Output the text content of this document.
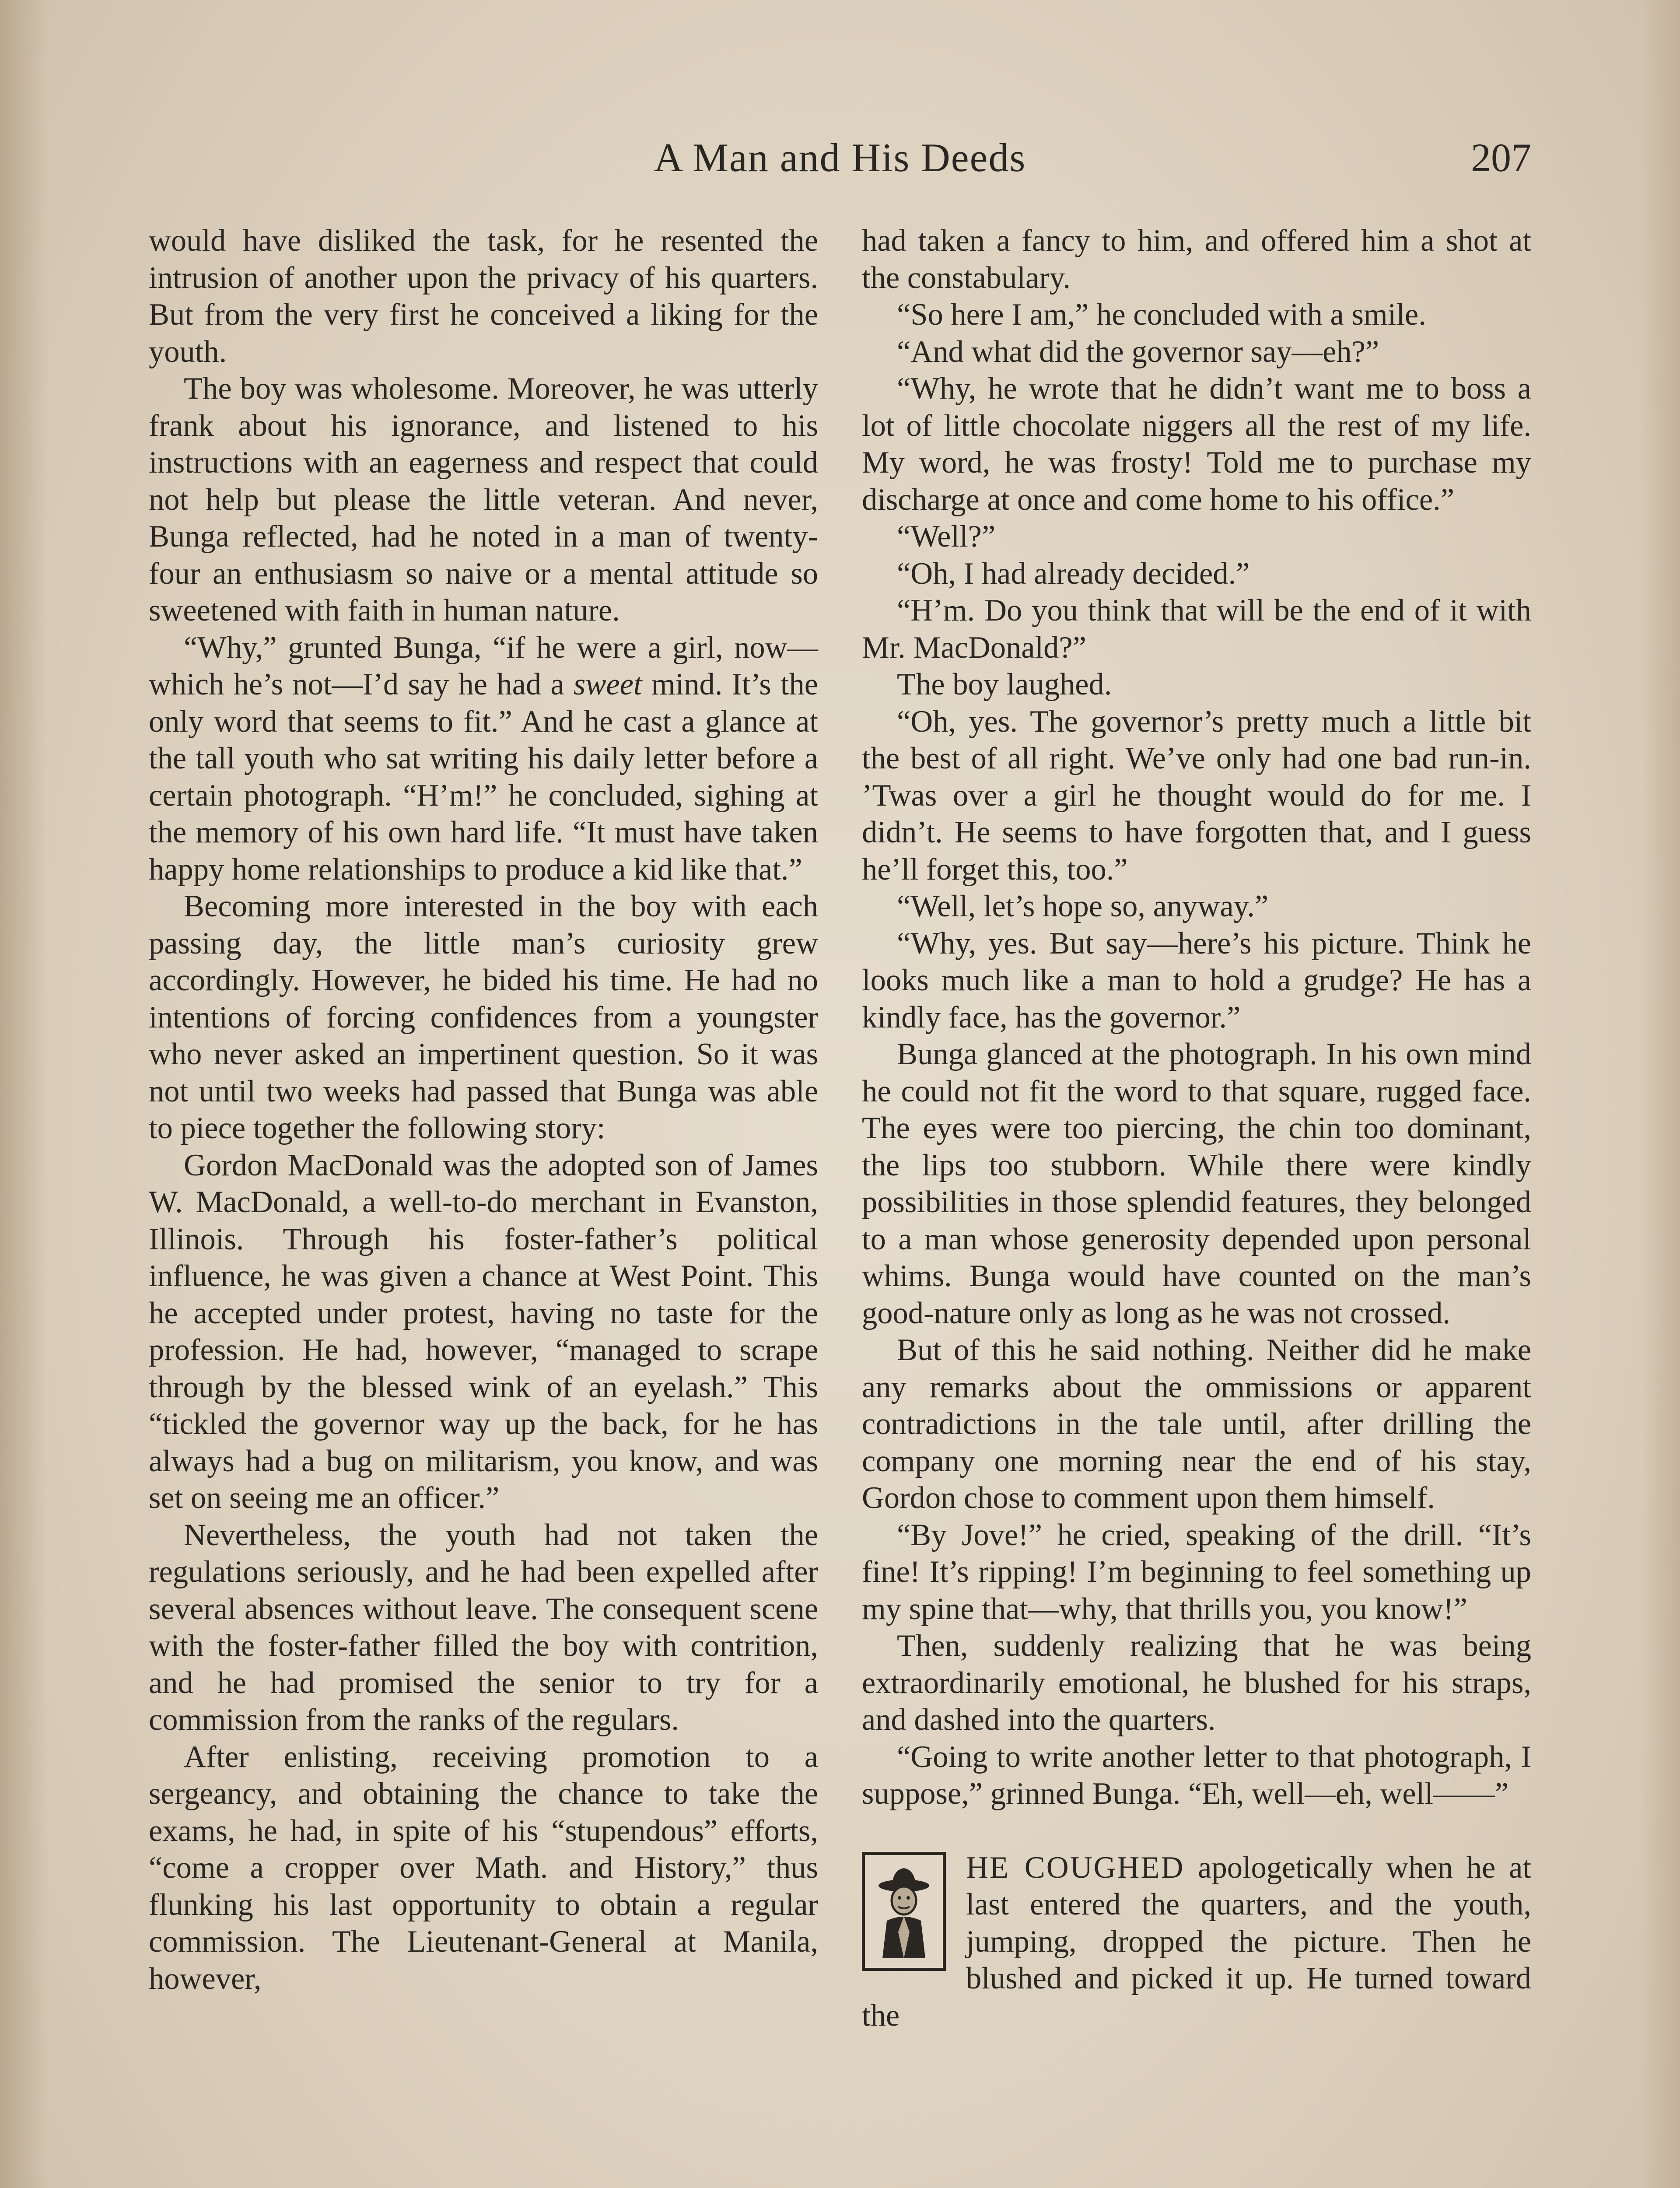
A Man and His Deeds	207

would have disliked the task, for he resented the intrusion of another upon the privacy of his quarters. But from the very first he conceived a liking for the youth.

The boy was wholesome. Moreover, he was utterly frank about his ignorance, and listened to his instructions with an eagerness and respect that could not help but please the little veteran. And never, Bunga reflected, had he noted in a man of twenty-four an enthusiasm so naive or a mental attitude so sweetened with faith in human nature.

“Why,” grunted Bunga, “if he were a girl, now—which he’s not—I’d say he had a sweet mind. It’s the only word that seems to fit.” And he cast a glance at the tall youth who sat writing his daily letter before a certain photograph. “H’m!” he concluded, sighing at the memory of his own hard life. “It must have taken happy home relationships to produce a kid like that.”

Becoming more interested in the boy with each passing day, the little man’s curiosity grew accordingly. However, he bided his time. He had no intentions of forcing confidences from a youngster who never asked an impertinent question. So it was not until two weeks had passed that Bunga was able to piece together the following story:

Gordon MacDonald was the adopted son of James W. MacDonald, a well-to-do merchant in Evanston, Illinois. Through his foster-father’s political influence, he was given a chance at West Point. This he accepted under protest, having no taste for the profession. He had, however, “managed to scrape through by the blessed wink of an eyelash.” This “tickled the governor way up the back, for he has always had a bug on militarism, you know, and was set on seeing me an officer.”

Nevertheless, the youth had not taken the regulations seriously, and he had been expelled after several absences without leave. The consequent scene with the foster-father filled the boy with contrition, and he had promised the senior to try for a commission from the ranks of the regulars.

After enlisting, receiving promotion to a sergeancy, and obtaining the chance to take the exams, he had, in spite of his “stupendous” efforts, “come a cropper over Math. and History,” thus flunking his last opportunity to obtain a regular commission. The Lieutenant-General at Manila, however,

had taken a fancy to him, and offered him a shot at the constabulary.

“So here I am,” he concluded with a smile.

“And what did the governor say—eh?”

“Why, he wrote that he didn’t want me to boss a lot of little chocolate niggers all the rest of my life. My word, he was frosty! Told me to purchase my discharge at once and come home to his office.”

“Well?”

“Oh, I had already decided.”

“H’m. Do you think that will be the end of it with Mr. MacDonald?”

The boy laughed.

“Oh, yes. The governor’s pretty much a little bit the best of all right. We’ve only had one bad run-in. ’Twas over a girl he thought would do for me. I didn’t. He seems to have forgotten that, and I guess he’ll forget this, too.”

“Well, let’s hope so, anyway.”

“Why, yes. But say—here’s his picture. Think he looks much like a man to hold a grudge? He has a kindly face, has the governor.”

Bunga glanced at the photograph. In his own mind he could not fit the word to that square, rugged face. The eyes were too piercing, the chin too dominant, the lips too stubborn. While there were kindly possibilities in those splendid features, they belonged to a man whose generosity depended upon personal whims. Bunga would have counted on the man’s good-nature only as long as he was not crossed.

But of this he said nothing. Neither did he make any remarks about the ommissions or apparent contradictions in the tale until, after drilling the company one morning near the end of his stay, Gordon chose to comment upon them himself.

“By Jove!” he cried, speaking of the drill. “It’s fine! It’s ripping! I’m beginning to feel something up my spine that—why, that thrills you, you know!”

Then, suddenly realizing that he was being extraordinarily emotional, he blushed for his straps, and dashed into the quarters.

“Going to write another letter to that photograph, I suppose,” grinned Bunga. “Eh, well—eh, well——”

HE COUGHED apologetically when he at last entered the quarters, and the youth, jumping, dropped the picture. Then he blushed and picked it up. He turned toward the
